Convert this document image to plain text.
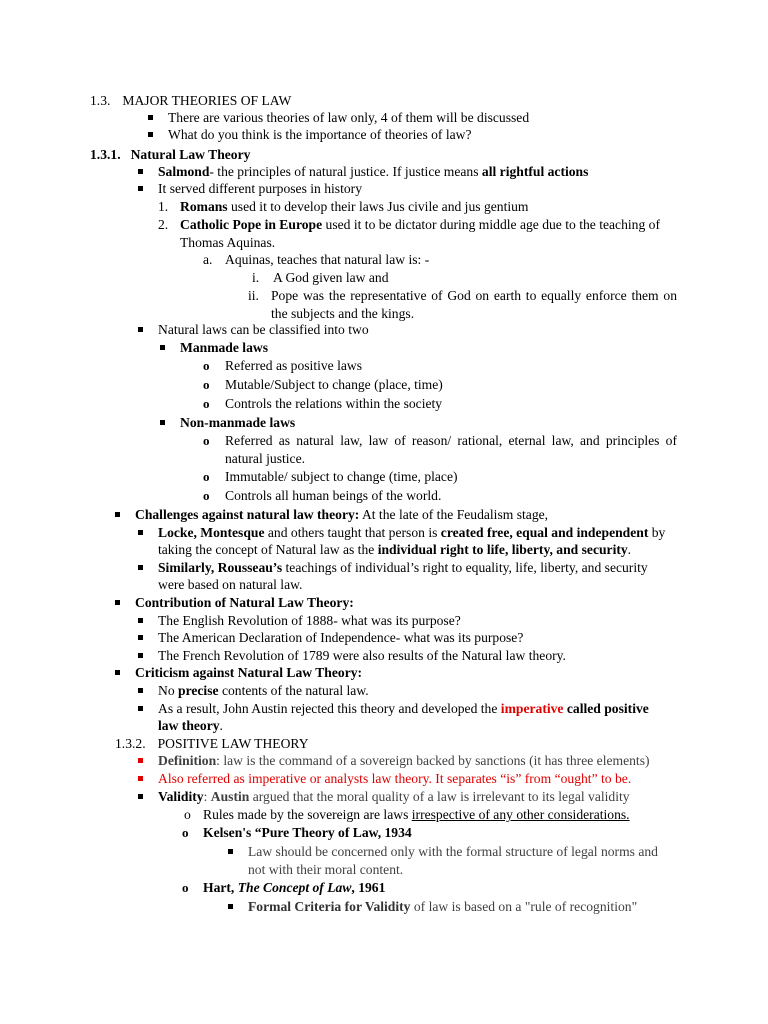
1.3. MAJOR THEORIES OF LAW
There are various theories of law only, 4 of them will be discussed
What do you think is the importance of theories of law?
1.3.1. Natural Law Theory
Salmond- the principles of natural justice. If justice means all rightful actions
It served different purposes in history
1. Romans used it to develop their laws Jus civile and jus gentium
2. Catholic Pope in Europe used it to be dictator during middle age due to the teaching of
Thomas Aquinas.
a. Aquinas, teaches that natural law is: -
i. A God given law and
ii. Pope was the representative of God on earth to equally enforce them on
the subjects and the kings.
Natural laws can be classified into two
Manmade laws
o Referred as positive laws
o Mutable/Subject to change (place, time)
o Controls the relations within the society
Non-manmade laws
o Referred as natural law, law of reason/ rational, eternal law, and principles of
natural justice.
o Immutable/ subject to change (time, place)
o Controls all human beings of the world.
Challenges against natural law theory: At the late of the Feudalism stage,
Locke, Montesque and others taught that person is created free, equal and independent by
taking the concept of Natural law as the individual right to life, liberty, and security.
Similarly, Rousseau’s teachings of individual’s right to equality, life, liberty, and security
were based on natural law.
Contribution of Natural Law Theory:
The English Revolution of 1888- what was its purpose?
The American Declaration of Independence- what was its purpose?
The French Revolution of 1789 were also results of the Natural law theory.
Criticism against Natural Law Theory:
No precise contents of the natural law.
As a result, John Austin rejected this theory and developed the imperative called positive
law theory.
1.3.2. POSITIVE LAW THEORY
Definition: law is the command of a sovereign backed by sanctions (it has three elements)
Also referred as imperative or analysts law theory. It separates “is” from “ought” to be.
Validity: Austin argued that the moral quality of a law is irrelevant to its legal validity
o Rules made by the sovereign are laws irrespective of any other considerations.
o Kelsen's “Pure Theory of Law, 1934
Law should be concerned only with the formal structure of legal norms and
not with their moral content.
o Hart, The Concept of Law, 1961
Formal Criteria for Validity of law is based on a "rule of recognition"
